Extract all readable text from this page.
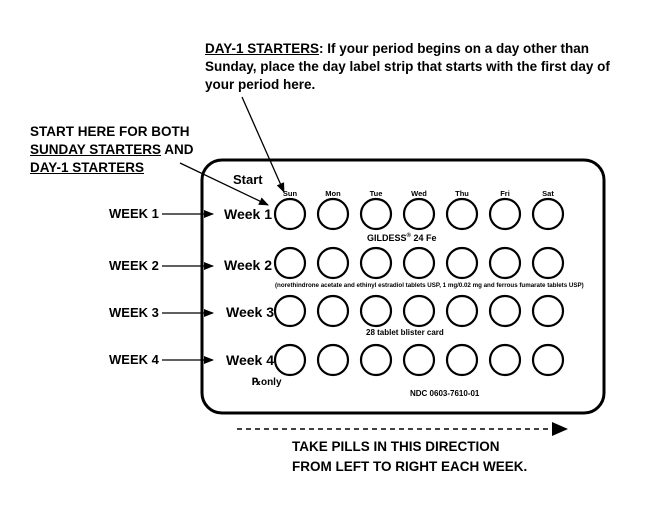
DAY-1 STARTERS: If your period begins on a day other than Sunday, place the day label strip that starts with the first day of your period here.
START HERE FOR BOTH
SUNDAY STARTERS AND
DAY-1 STARTERS
WEEK 1
WEEK 2
WEEK 3
WEEK 4
Start
Sun	Mon	Tue	Wed	Thu	Fri	Sat
Week 1
Week 2
Week 3
Week 4
GILDESS® 24 Fe
(norethindrone acetate and ethinyl estradiol tablets USP, 1 mg/0.02 mg and ferrous fumarate tablets USP)
28 tablet blister card
℞only
NDC 0603-7610-01
TAKE PILLS IN THIS DIRECTION
FROM LEFT TO RIGHT EACH WEEK.
